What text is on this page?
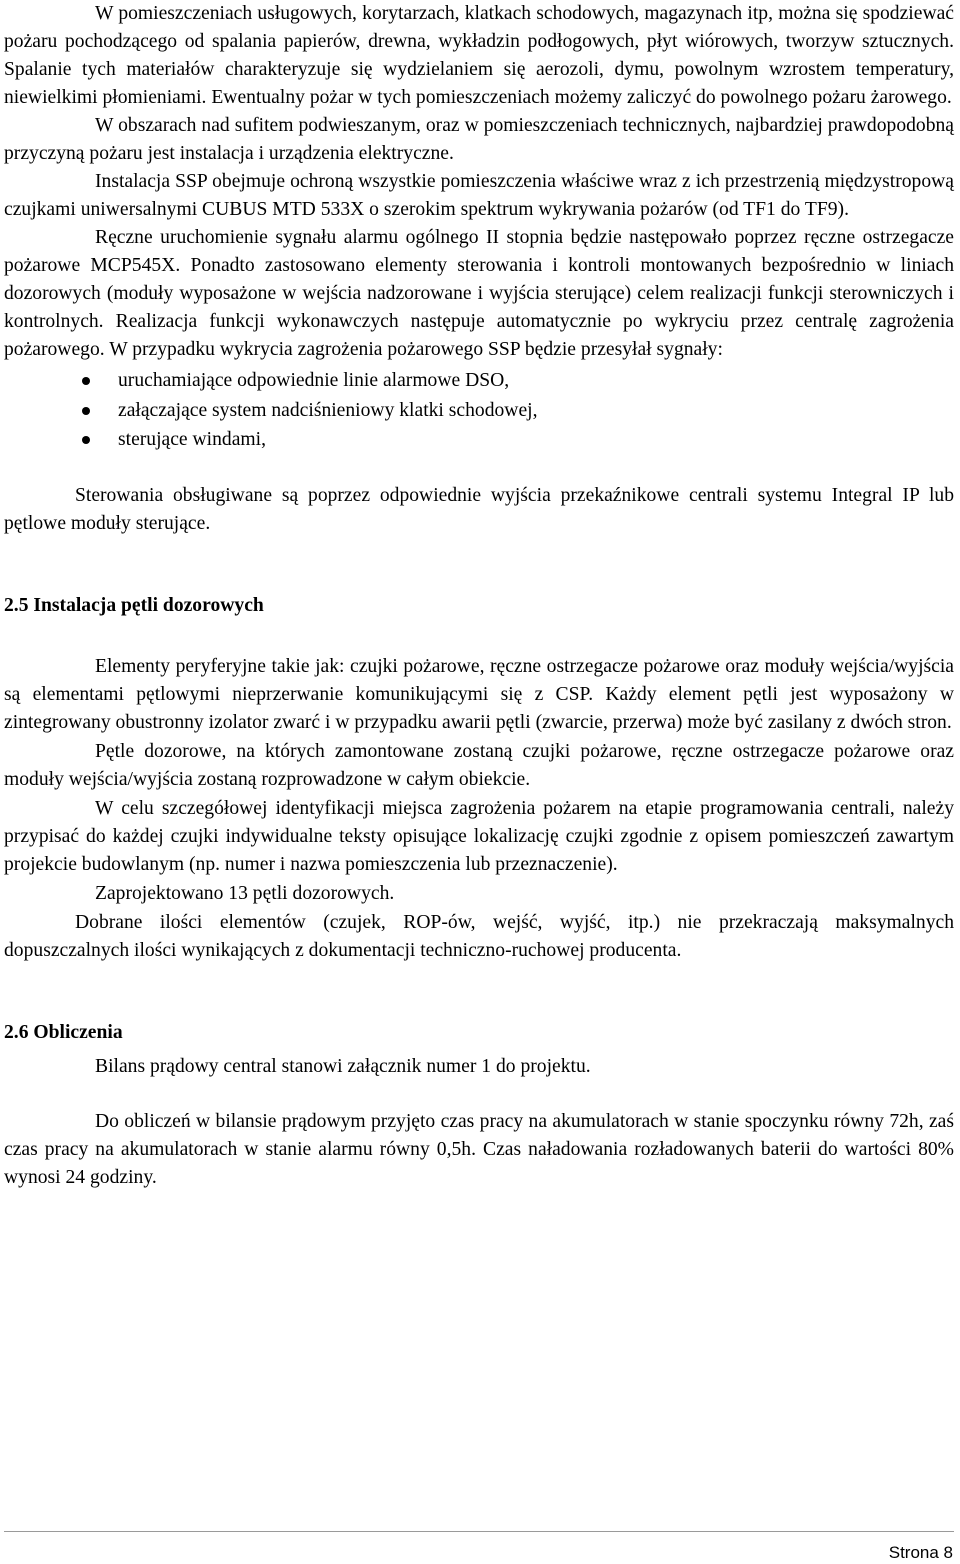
W pomieszczeniach usługowych, korytarzach, klatkach schodowych, magazynach itp, można się spodziewać pożaru pochodzącego od spalania papierów, drewna, wykładzin podłogowych, płyt wiórowych, tworzyw sztucznych. Spalanie tych materiałów charakteryzuje się wydzielaniem się aerozoli, dymu, powolnym wzrostem temperatury, niewielkimi płomieniami. Ewentualny pożar w tych pomieszczeniach możemy zaliczyć do powolnego pożaru żarowego.

W obszarach nad sufitem podwieszanym, oraz w pomieszczeniach technicznych, najbardziej prawdopodobną przyczyną pożaru jest instalacja i urządzenia elektryczne.

Instalacja SSP obejmuje ochroną wszystkie pomieszczenia właściwe wraz z ich przestrzenią międzystropową czujkami uniwersalnymi CUBUS MTD 533X o szerokim spektrum wykrywania pożarów (od TF1 do TF9).

Ręczne uruchomienie sygnału alarmu ogólnego II stopnia będzie następowało poprzez ręczne ostrzegacze pożarowe MCP545X. Ponadto zastosowano elementy sterowania i kontroli montowanych bezpośrednio w liniach dozorowych (moduły wyposażone w wejścia nadzorowane i wyjścia sterujące) celem realizacji funkcji sterowniczych i kontrolnych. Realizacja funkcji wykonawczych następuje automatycznie po wykryciu przez centralę zagrożenia pożarowego. W przypadku wykrycia zagrożenia pożarowego SSP będzie przesyłał sygnały:

uruchamiające odpowiednie linie alarmowe DSO,
załączające system nadciśnieniowy klatki schodowej,
sterujące windami,

Sterowania obsługiwane są poprzez odpowiednie wyjścia przekaźnikowe centrali systemu Integral IP lub pętlowe moduły sterujące.

2.5 Instalacja pętli dozorowych

Elementy peryferyjne takie jak: czujki pożarowe, ręczne ostrzegacze pożarowe oraz moduły wejścia/wyjścia są elementami pętlowymi nieprzerwanie komunikującymi się z CSP. Każdy element pętli jest wyposażony w zintegrowany obustronny izolator zwarć i w przypadku awarii pętli (zwarcie, przerwa) może być zasilany z dwóch stron.

Pętle dozorowe, na których zamontowane zostaną czujki pożarowe, ręczne ostrzegacze pożarowe oraz moduły wejścia/wyjścia zostaną rozprowadzone w całym obiekcie.

W celu szczegółowej identyfikacji miejsca zagrożenia pożarem na etapie programowania centrali, należy przypisać do każdej czujki indywidualne teksty opisujące lokalizację czujki zgodnie z opisem pomieszczeń zawartym projekcie budowlanym (np. numer i nazwa pomieszczenia lub przeznaczenie).

Zaprojektowano 13 pętli dozorowych.

Dobrane ilości elementów (czujek, ROP-ów, wejść, wyjść, itp.) nie przekraczają maksymalnych dopuszczalnych ilości wynikających z dokumentacji techniczno-ruchowej producenta.

2.6 Obliczenia

Bilans prądowy central stanowi załącznik numer 1 do projektu.

Do obliczeń w bilansie prądowym przyjęto czas pracy na akumulatorach w stanie spoczynku równy 72h, zaś czas pracy na akumulatorach w stanie alarmu równy 0,5h. Czas naładowania rozładowanych baterii do wartości 80% wynosi 24 godziny.

Strona 8
